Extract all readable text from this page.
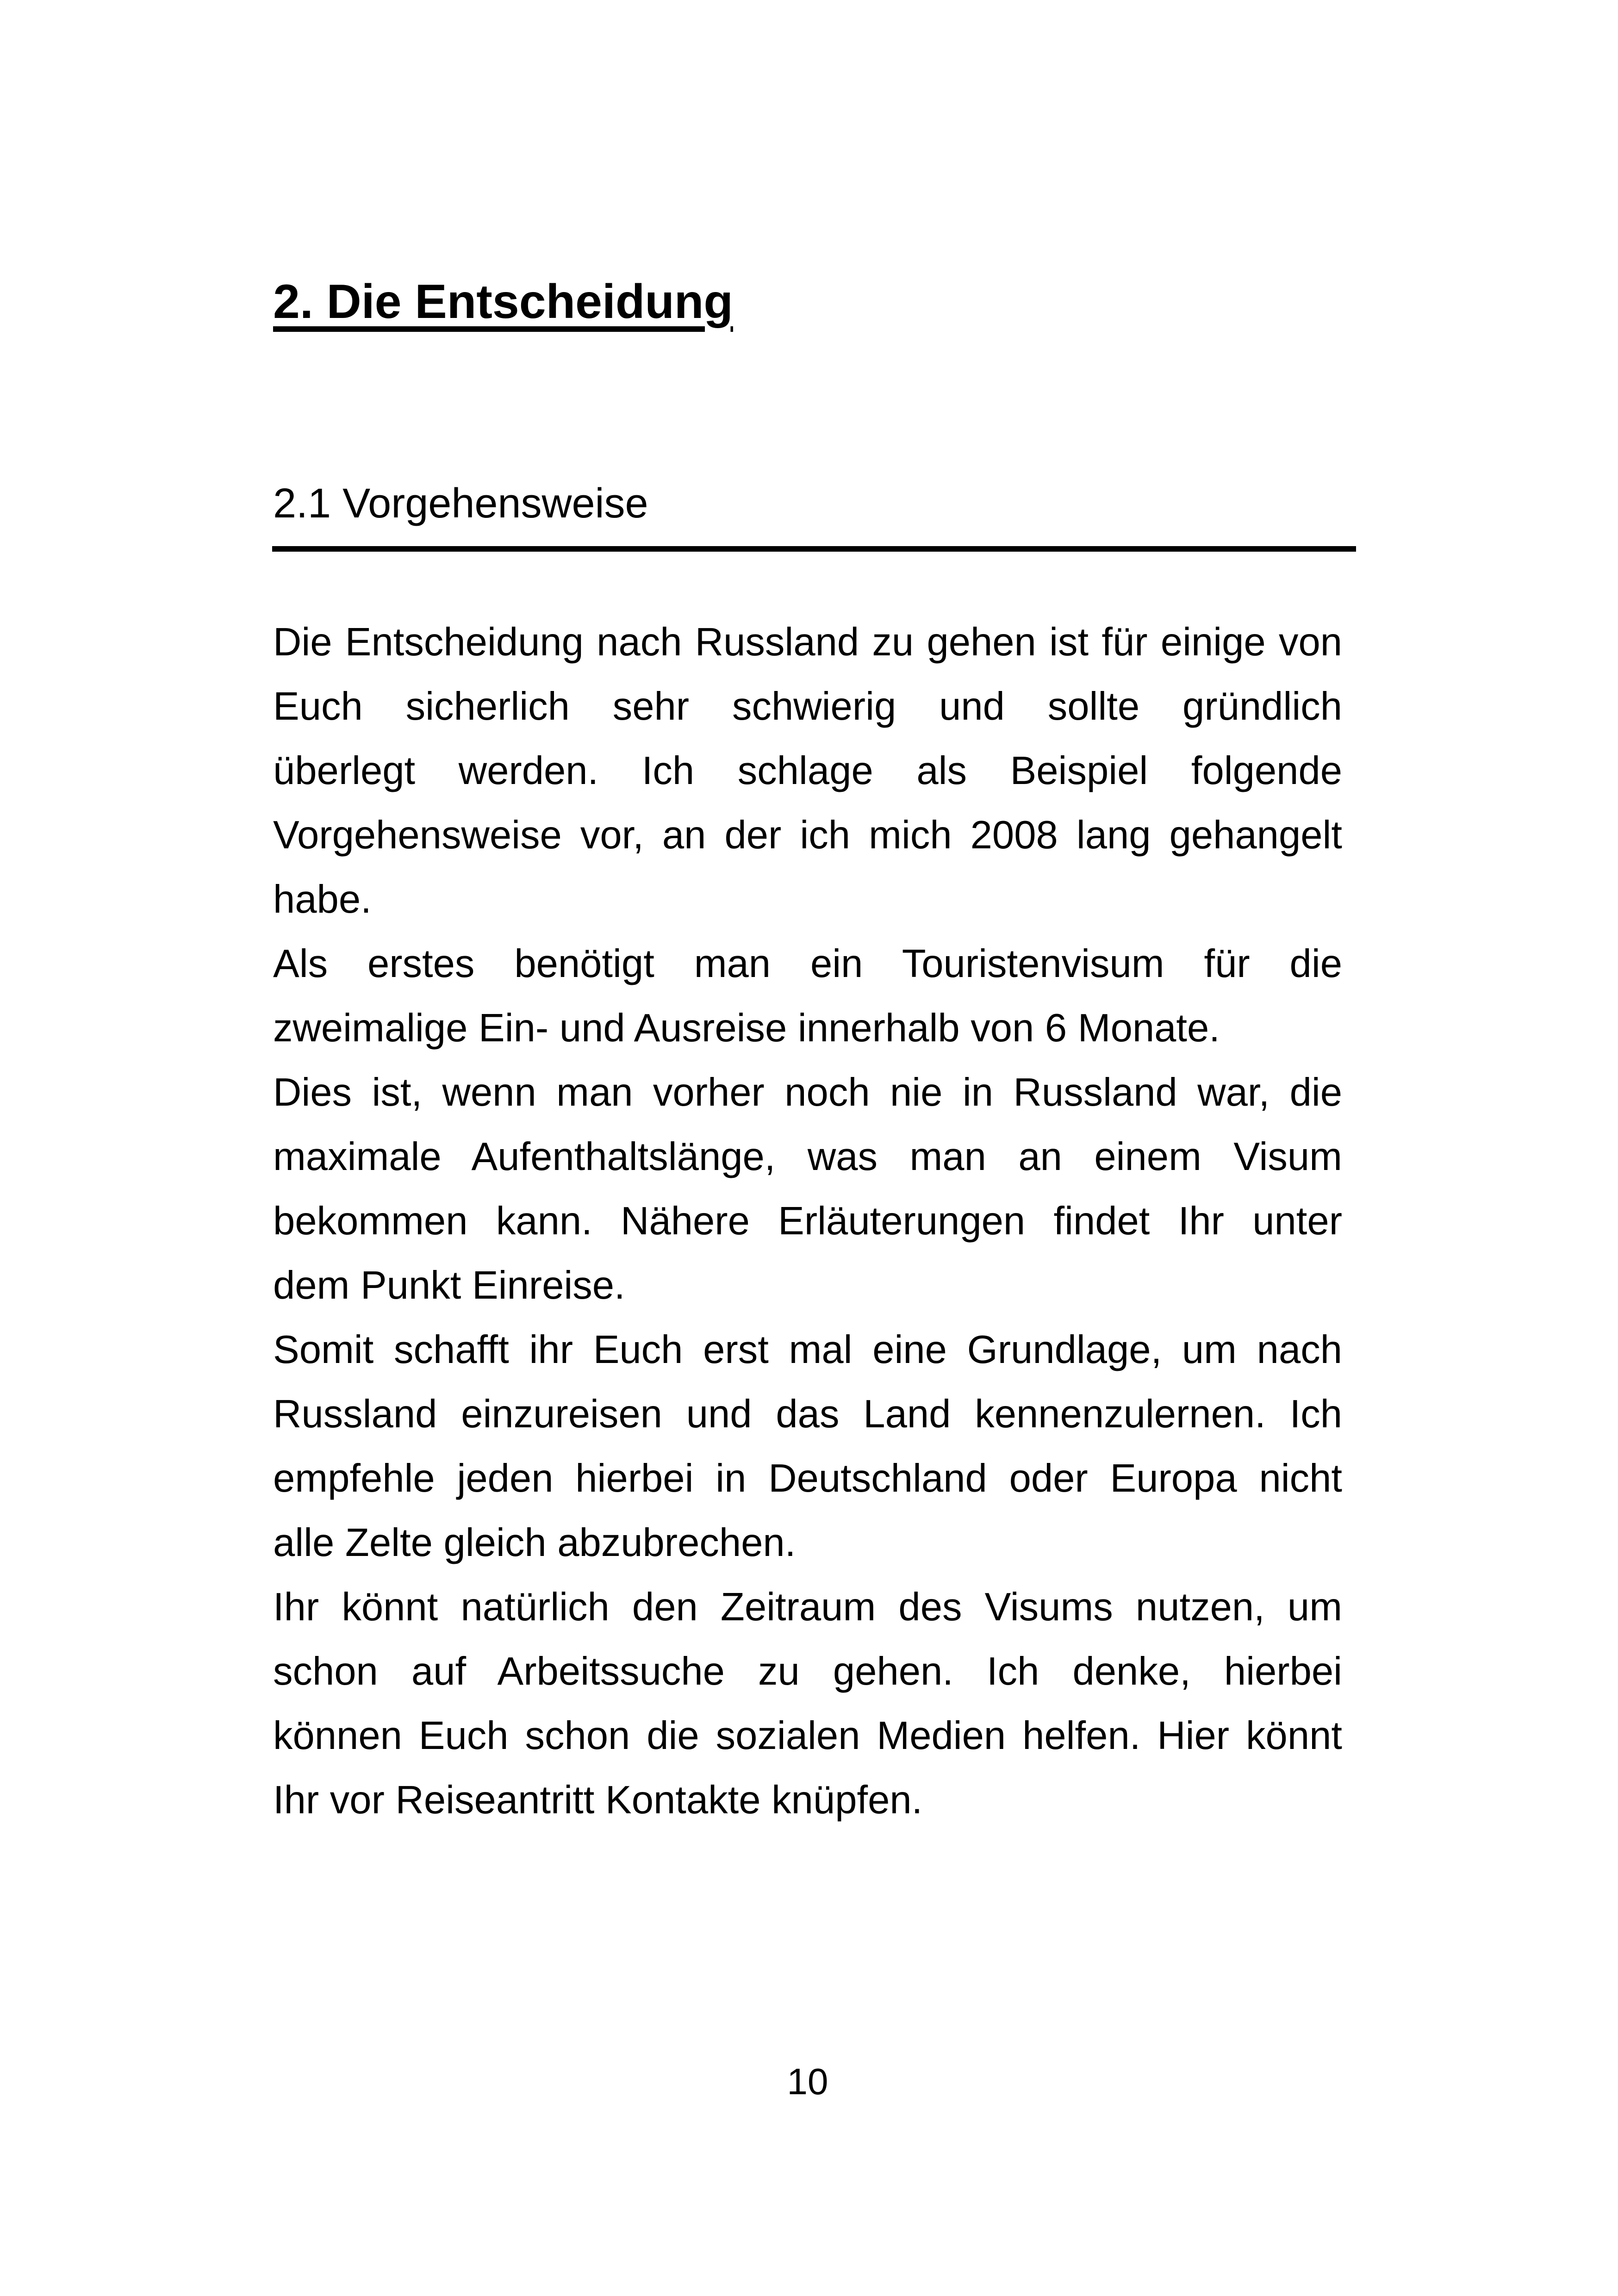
2. Die Entscheidung
2.1 Vorgehensweise
Die Entscheidung nach Russland zu gehen ist für einige von
Euch sicherlich sehr schwierig und sollte gründlich
überlegt werden. Ich schlage als Beispiel folgende
Vorgehensweise vor, an der ich mich 2008 lang gehangelt
habe.
Als erstes benötigt man ein Touristenvisum für die
zweimalige Ein- und Ausreise innerhalb von 6 Monate.
Dies ist, wenn man vorher noch nie in Russland war, die
maximale Aufenthaltslänge, was man an einem Visum
bekommen kann. Nähere Erläuterungen findet Ihr unter
dem Punkt Einreise.
Somit schafft ihr Euch erst mal eine Grundlage, um nach
Russland einzureisen und das Land kennenzulernen. Ich
empfehle jeden hierbei in Deutschland oder Europa nicht
alle Zelte gleich abzubrechen.
Ihr könnt natürlich den Zeitraum des Visums nutzen, um
schon auf Arbeitssuche zu gehen. Ich denke, hierbei
können Euch schon die sozialen Medien helfen. Hier könnt
Ihr vor Reiseantritt Kontakte knüpfen.
10
